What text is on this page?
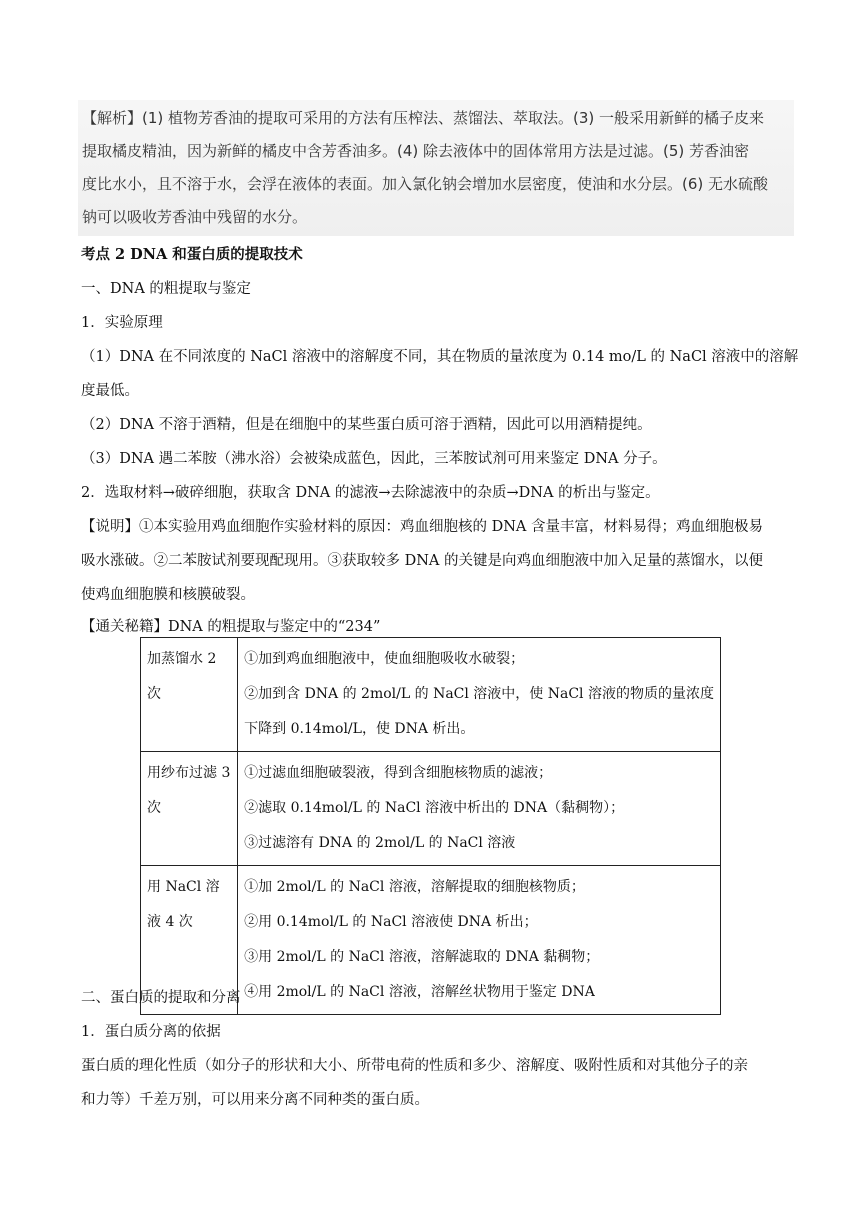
【解析】(1) 植物芳香油的提取可采用的方法有压榨法、蒸馏法、萃取法。(3) 一般采用新鲜的橘子皮来
提取橘皮精油，因为新鲜的橘皮中含芳香油多。(4) 除去液体中的固体常用方法是过滤。(5) 芳香油密
度比水小，且不溶于水，会浮在液体的表面。加入氯化钠会增加水层密度，使油和水分层。(6) 无水硫酸
钠可以吸收芳香油中残留的水分。
考点 2 DNA 和蛋白质的提取技术
一、DNA 的粗提取与鉴定
1．实验原理
（1）DNA 在不同浓度的 NaCl 溶液中的溶解度不同，其在物质的量浓度为 0.14 mo/L 的 NaCl 溶液中的溶解
度最低。
（2）DNA 不溶于酒精，但是在细胞中的某些蛋白质可溶于酒精，因此可以用酒精提纯。
（3）DNA 遇二苯胺（沸水浴）会被染成蓝色，因此，三苯胺试剂可用来鉴定 DNA 分子。
2．选取材料→破碎细胞，获取含 DNA 的滤液→去除滤液中的杂质→DNA 的析出与鉴定。
【说明】①本实验用鸡血细胞作实验材料的原因：鸡血细胞核的 DNA 含量丰富，材料易得；鸡血细胞极易
吸水涨破。②二苯胺试剂要现配现用。③获取较多 DNA 的关键是向鸡血细胞液中加入足量的蒸馏水，以便
使鸡血细胞膜和核膜破裂。
【通关秘籍】DNA 的粗提取与鉴定中的“234”
加蒸馏水 2 次	①加到鸡血细胞液中，使血细胞吸收水破裂；
②加到含 DNA 的 2mol/L 的 NaCl 溶液中，使 NaCl 溶液的物质的量浓度
下降到 0.14mol/L，使 DNA 析出。

用纱布过滤 3 次	①过滤血细胞破裂液，得到含细胞核物质的滤液；
②滤取 0.14mol/L 的 NaCl 溶液中析出的 DNA（黏稠物）；
③过滤溶有 DNA 的 2mol/L 的 NaCl 溶液

用 NaCl 溶液 4 次	①加 2mol/L 的 NaCl 溶液，溶解提取的细胞核物质；
②用 0.14mol/L 的 NaCl 溶液使 DNA 析出；
③用 2mol/L 的 NaCl 溶液，溶解滤取的 DNA 黏稠物；
④用 2mol/L 的 NaCl 溶液，溶解丝状物用于鉴定 DNA
二、蛋白质的提取和分离
1．蛋白质分离的依据
蛋白质的理化性质（如分子的形状和大小、所带电荷的性质和多少、溶解度、吸附性质和对其他分子的亲
和力等）千差万别，可以用来分离不同种类的蛋白质。
